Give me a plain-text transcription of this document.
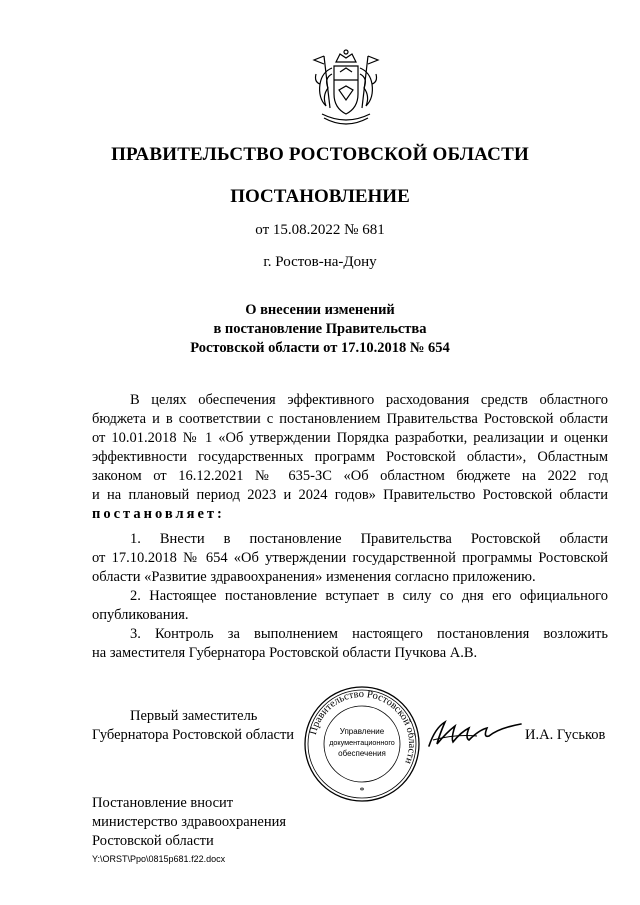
ПРАВИТЕЛЬСТВО РОСТОВСКОЙ ОБЛАСТИ
ПОСТАНОВЛЕНИЕ
от 15.08.2022 № 681
г. Ростов-на-Дону
О внесении изменений
в постановление Правительства
Ростовской области от 17.10.2018 № 654
В целях обеспечения эффективного расходования средств областного
бюджета и в соответствии с постановлением Правительства Ростовской области
от 10.01.2018 № 1 «Об утверждении Порядка разработки, реализации и оценки
эффективности государственных программ Ростовской области», Областным
законом от 16.12.2021 № 635-ЗС «Об областном бюджете на 2022 год
и на плановый период 2023 и 2024 годов» Правительство Ростовской области
постановляет:
1. Внести в постановление Правительства Ростовской области
от 17.10.2018 № 654 «Об утверждении государственной программы Ростовской
области «Развитие здравоохранения» изменения согласно приложению.
2. Настоящее постановление вступает в силу со дня его официального
опубликования.
3. Контроль за выполнением настоящего постановления возложить
на заместителя Губернатора Ростовской области Пучкова А.В.
Первый заместитель
Губернатора Ростовской области	И.А. Гуськов
Правительство Ростовской области
Управление
документационного
обеспечения
*
Постановление вносит
министерство здравоохранения
Ростовской области
Y:\ORST\Ppo\0815p681.f22.docx
